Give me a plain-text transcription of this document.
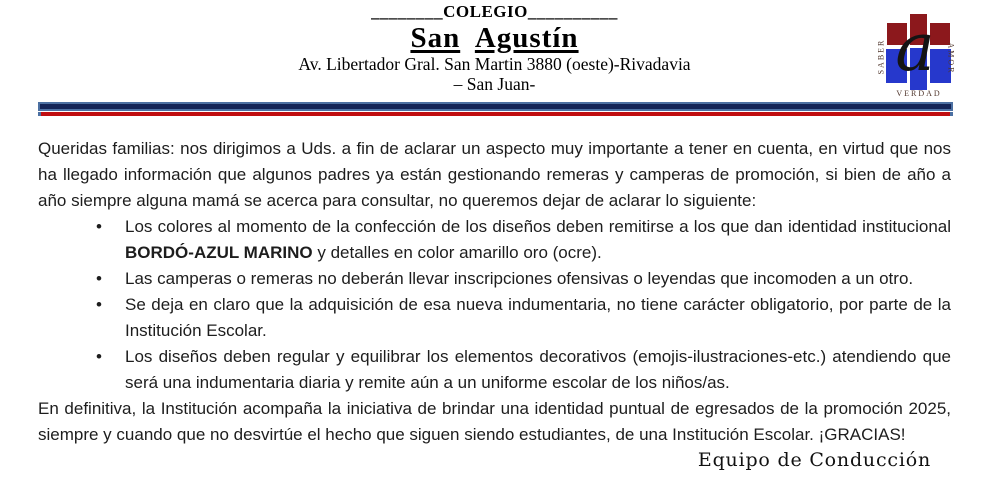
________COLEGIO__________
San Agustín
Av. Libertador Gral. San Martin 3880 (oeste)-Rivadavia
– San Juan-	a
SABER	AMOR
VERDAD

Queridas familias: nos dirigimos a Uds. a fin de aclarar un aspecto muy importante a tener en cuenta, en virtud que nos ha llegado información que algunos padres ya están gestionando remeras y camperas de promoción, si bien de año a año siempre alguna mamá se acerca para consultar, no queremos dejar de aclarar lo siguiente:

• Los colores al momento de la confección de los diseños deben remitirse a los que dan identidad institucional BORDÓ-AZUL MARINO y detalles en color amarillo oro (ocre).
• Las camperas o remeras no deberán llevar inscripciones ofensivas o leyendas que incomoden a un otro.
• Se deja en claro que la adquisición de esa nueva indumentaria, no tiene carácter obligatorio, por parte de la Institución Escolar.
• Los diseños deben regular y equilibrar los elementos decorativos (emojis-ilustraciones-etc.) atendiendo que será una indumentaria diaria y remite aún a un uniforme escolar de los niños/as.

En definitiva, la Institución acompaña la iniciativa de brindar una identidad puntual de egresados de la promoción 2025, siempre y cuando que no desvirtúe el hecho que siguen siendo estudiantes, de una Institución Escolar. ¡GRACIAS!

Equipo de Conducción
